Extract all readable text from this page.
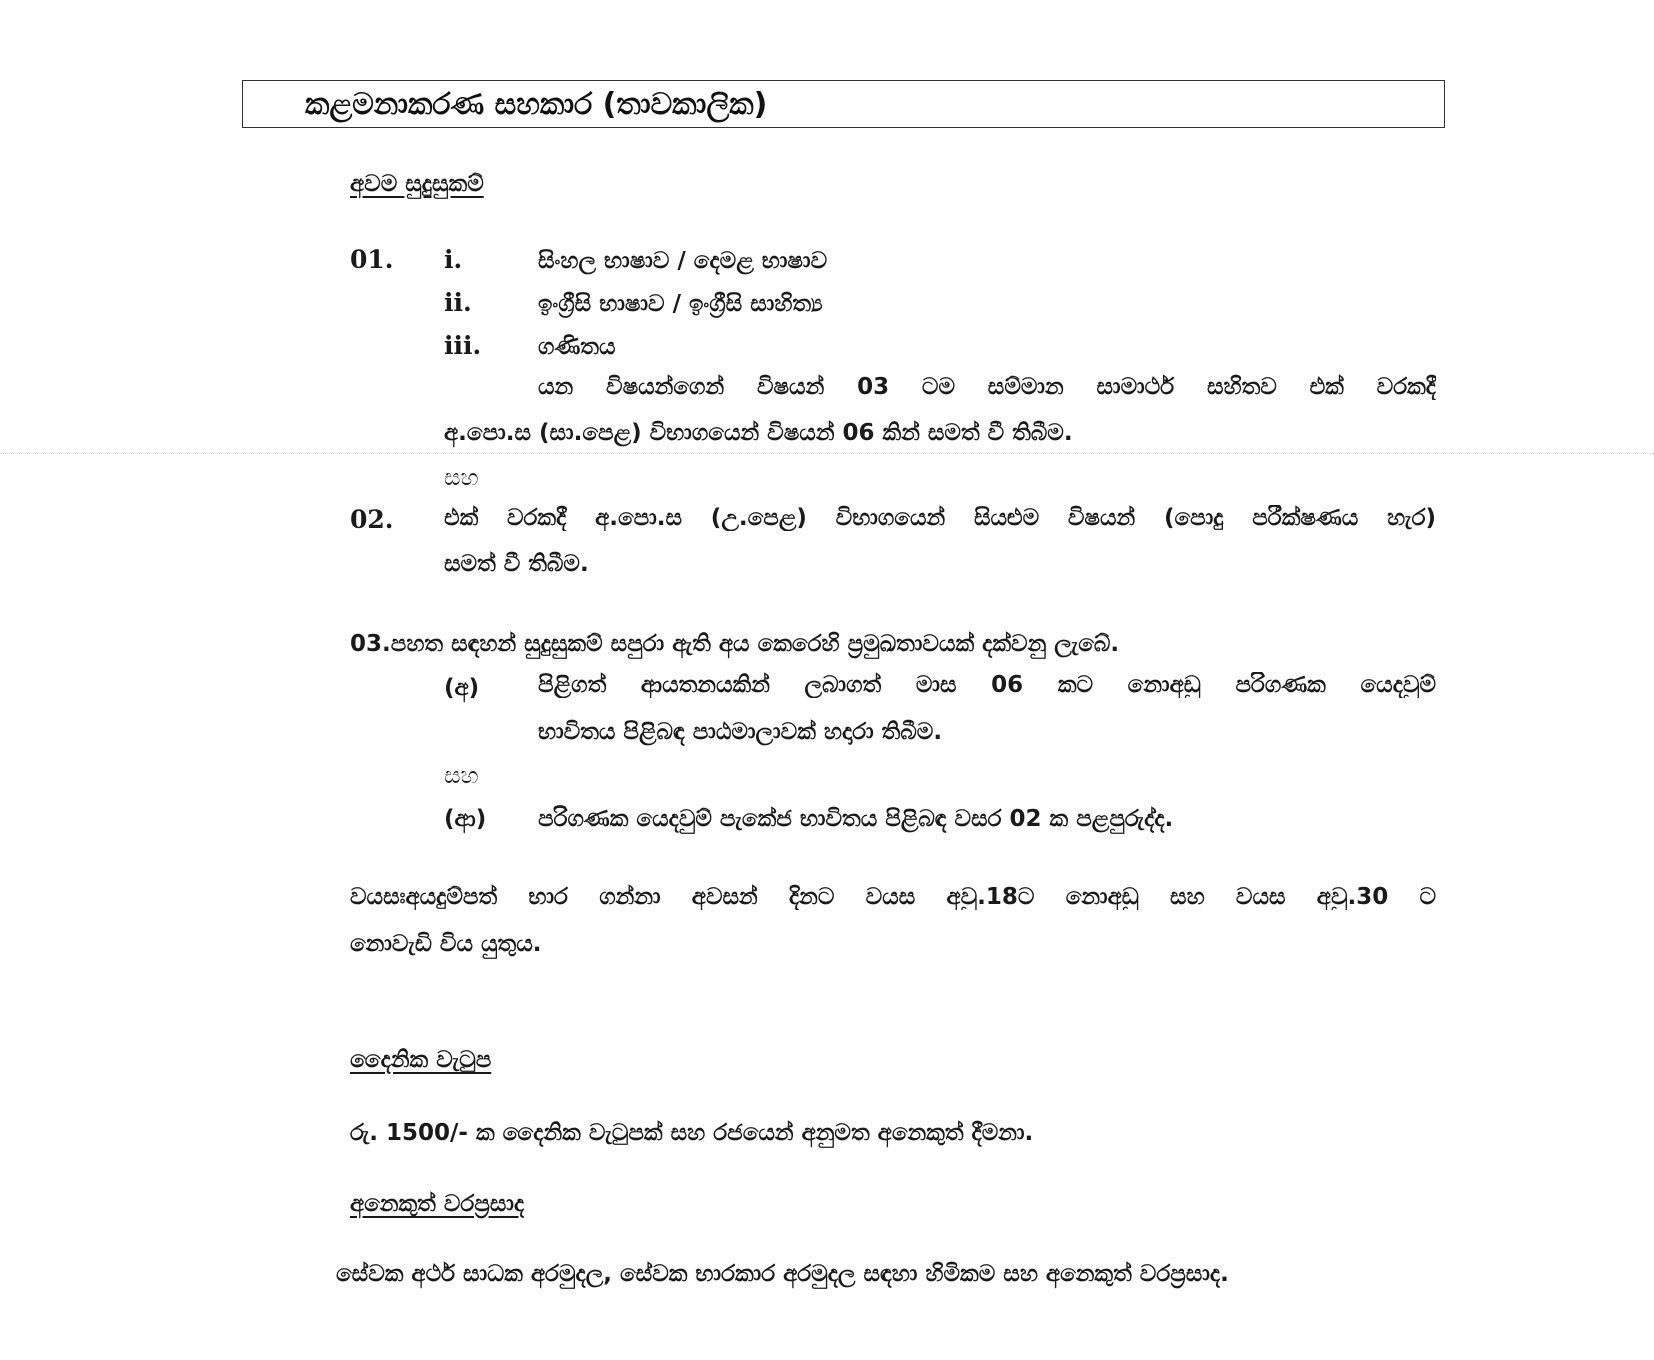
කළමනාකරණ සහකාර (තාවකාලික)
අවම සුදුසුකම්
01. i.	සිංහල භාෂාව / දෙමළ භාෂාව
ii.	ඉංග්‍රීසි භාෂාව / ඉංග්‍රීසි සාහිත්‍ය
iii. ගණිතය
යන විෂයන්ගෙන් විෂයන් 03 ටම සම්මාන සාමාර්ථ සහිතව එක් වරකදී
අ.පො.ස (සා.පෙළ) විභාගයෙන් විෂයන් 06 කින් සමත් වී තිබීම.
සහ
02. එක් වරකදී අ.පො.ස (උ.පෙළ) විභාගයෙන් සියළුම විෂයන් (පොදු පරීක්ෂණය හැර)
සමත් වී තිබීම.
03.පහත සඳහන් සුදුසුකම් සපුරා ඇති අය කෙරෙහි ප්‍රමුඛතාවයක් දක්වනු ලැබේ.
(අ)	පිළිගත් ආයතනයකින් ලබාගත් මාස 06 කට නොඅඩු පරිගණක යෙදවුම්
භාවිතය පිළිබඳ පාඨමාලාවක් හදාරා තිබීම.
සහ
(ආ) පරිගණක යෙදවුම් පැකේජ භාවිතය පිළිබඳ වසර 02 ක පළපුරුද්ද.
වයසඃඅයදුම්පත් භාර ගන්නා අවසන් දිනට වයස අවු.18ට නොඅඩු සහ වයස අවු.30 ට
නොවැඩි විය යුතුය.
දෛනික වැටුප
රු. 1500/- ක දෛනික වැටුපක් සහ රජයෙන් අනුමත අනෙකුත් දීමනා.
අනෙකුත් වරප්‍රසාද
සේවක අර්ථ සාධක අරමුදල, සේවක භාරකාර අරමුදල සඳහා හිමිකම සහ අනෙකුත් වරප්‍රසාද.
